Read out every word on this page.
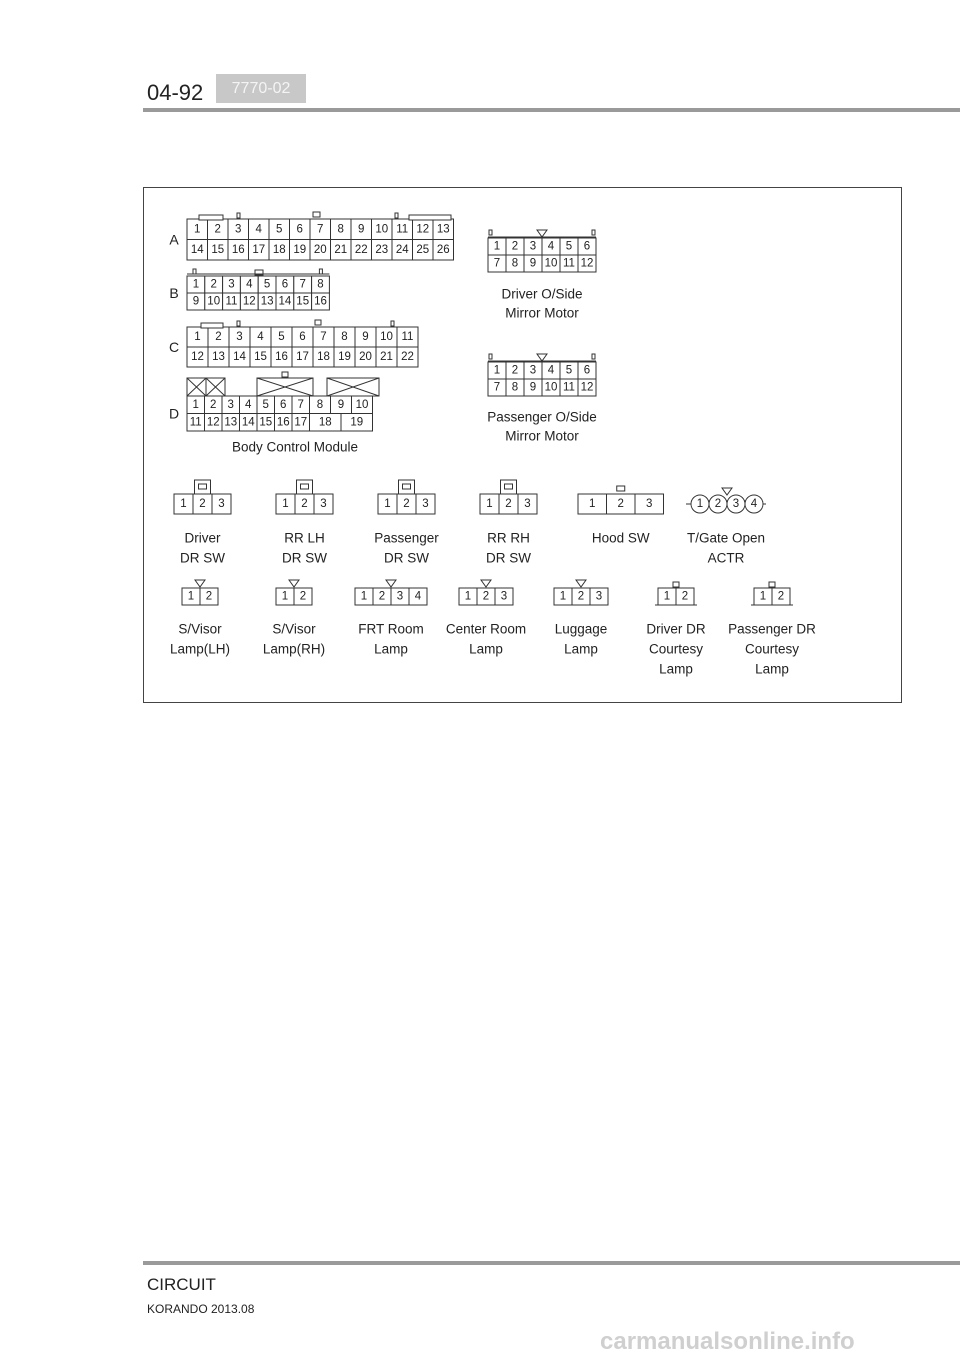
04-92	7770-02
A
1 2 3 4 5 6 7 8 9 10 11 12 13
14 15 16 17 18 19 20 21 22 23 24 25 26
B
1 2 3 4 5 6 7 8
9 10 11 12 13 14 15 16
C
1 2 3 4 5 6 7 8 9 10 11
12 13 14 15 16 17 18 19 20 21 22
D
1 2 3 4 5 6 7 8 9 10
11 12 13 14 15 16 17 18 19
Body Control Module
1 2 3 4 5 6
7 8 9 10 11 12
Driver O/Side
Mirror Motor
1 2 3 4 5 6
7 8 9 10 11 12
Passenger O/Side
Mirror Motor
1 2 3
Driver
DR SW
1 2 3
RR LH
DR SW
1 2 3
Passenger
DR SW
1 2 3
RR RH
DR SW
1 2 3
Hood SW
1 2 3 4
T/Gate Open
ACTR
1 2
S/Visor
Lamp(LH)
1 2
S/Visor
Lamp(RH)
1 2 3 4
FRT Room
Lamp
1 2 3
Center Room
Lamp
1 2 3
Luggage
Lamp
1 2
Driver DR
Courtesy
Lamp
1 2
Passenger DR
Courtesy
Lamp
CIRCUIT
KORANDO 2013.08
carmanualsonline.info
